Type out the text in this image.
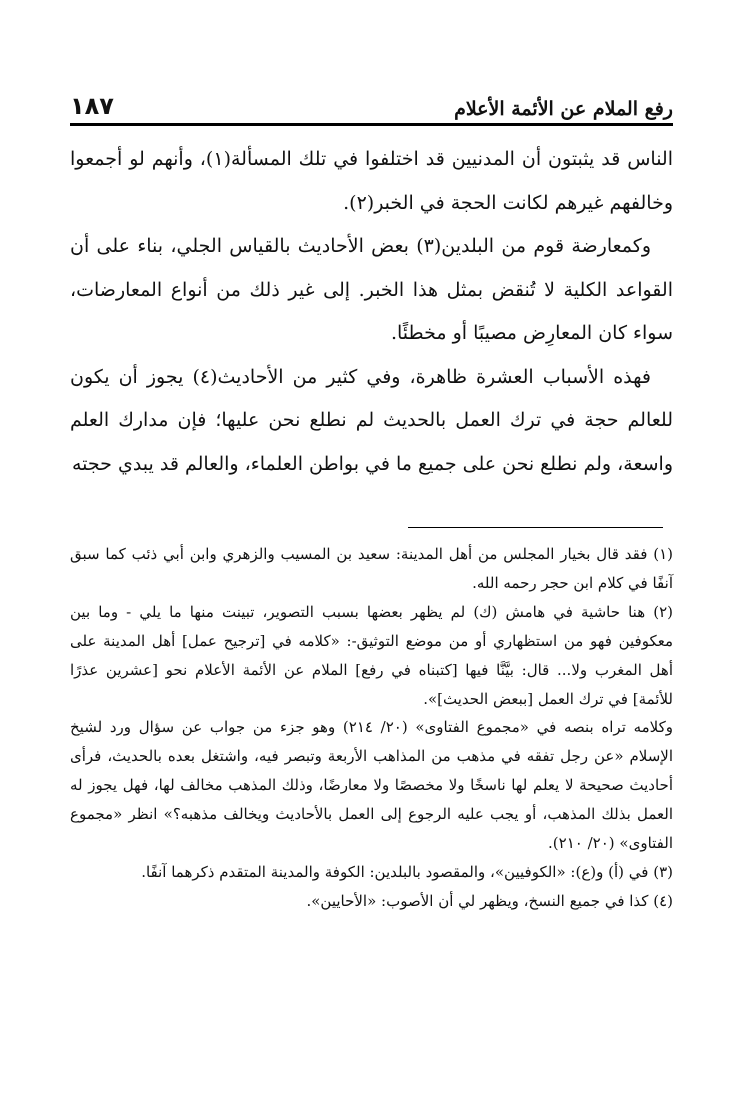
رفع الملام عن الأئمة الأعلام
١٨٧

الناس قد يثبتون أن المدنيين قد اختلفوا في تلك المسألة(١)، وأنهم لو أجمعوا وخالفهم غيرهم لكانت الحجة في الخبر(٢).

وكمعارضة قوم من البلدين(٣) بعض الأحاديث بالقياس الجلي، بناء على أن القواعد الكلية لا تُنقض بمثل هذا الخبر. إلى غير ذلك من أنواع المعارضات، سواء كان المعارِض مصيبًا أو مخطئًا.

فهذه الأسباب العشرة ظاهرة، وفي كثير من الأحاديث(٤) يجوز أن يكون للعالم حجة في ترك العمل بالحديث لم نطلع نحن عليها؛ فإن مدارك العلم واسعة، ولم نطلع نحن على جميع ما في بواطن العلماء، والعالم قد يبدي حجته

(١) فقد قال بخيار المجلس من أهل المدينة: سعيد بن المسيب والزهري وابن أبي ذئب كما سبق آنفًا في كلام ابن حجر رحمه الله.

(٢) هنا حاشية في هامش (ك) لم يظهر بعضها بسبب التصوير، تبينت منها ما يلي - وما بين معكوفين فهو من استظهاري أو من موضع التوثيق-: «كلامه في [ترجيح عمل] أهل المدينة على أهل المغرب ولا... قال: بيَّنَّا فيها [كتبناه في رفع] الملام عن الأئمة الأعلام نحو [عشرين عذرًا للأئمة] في ترك العمل [ببعض الحديث]».

وكلامه تراه بنصه في «مجموع الفتاوى» (٢٠/ ٢١٤) وهو جزء من جواب عن سؤال ورد لشيخ الإسلام «عن رجل تفقه في مذهب من المذاهب الأربعة وتبصر فيه، واشتغل بعده بالحديث، فرأى أحاديث صحيحة لا يعلم لها ناسخًا ولا مخصصًا ولا معارضًا، وذلك المذهب مخالف لها، فهل يجوز له العمل بذلك المذهب، أو يجب عليه الرجوع إلى العمل بالأحاديث ويخالف مذهبه؟» انظر «مجموع الفتاوى» (٢٠/ ٢١٠).

(٣) في (أ) و(ع): «الكوفيين»، والمقصود بالبلدين: الكوفة والمدينة المتقدم ذكرهما آنفًا.

(٤) كذا في جميع النسخ، ويظهر لي أن الأصوب: «الأحايين».
